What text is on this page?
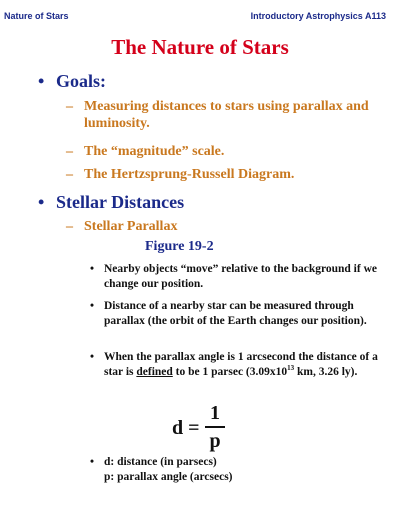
Nature of Stars	Introductory Astrophysics A113
The Nature of Stars
• Goals:
– Measuring distances to stars using parallax and luminosity.
– The “magnitude” scale.
– The Hertzsprung-Russell Diagram.
• Stellar Distances
– Stellar Parallax
Figure 19-2
• Nearby objects “move” relative to the background if we change our position.
• Distance of a nearby star can be measured through parallax (the orbit of the Earth changes our position).
• When the parallax angle is 1 arcsecond the distance of a star is defined to be 1 parsec ($3.09x10^{13}$ km, 3.26 ly).
d =
1
p
• d: distance (in parsecs)
p: parallax angle (arcsecs)
